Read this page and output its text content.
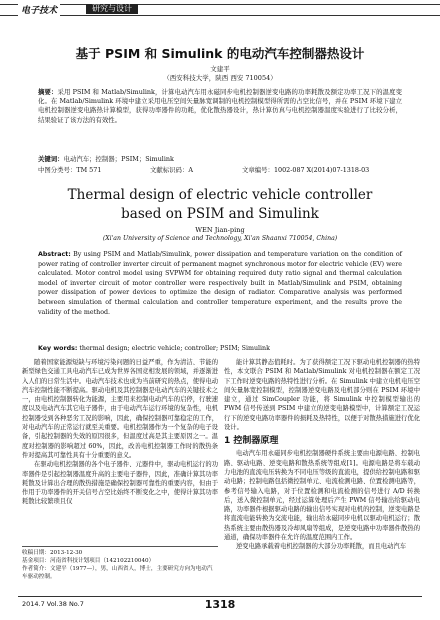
电子技术	研究与设计
基于 PSIM 和 Simulink 的电动汽车控制器热设计
文建平
（西安科技大学，陕西 西安 710054）
摘要：采用 PSIM 和 Matlab/Simulink，计算电动汽车用永磁同步电机控制器逆变电路的功率耗散及额定功率工况下的温度变化。在 Matlab/Simulink 环境中建立采用电压空间矢量脉宽调制的电机控制模型得所需的占空比信号，并在 PSIM 环境下建立电机控制器逆变电路热计算模型，获得功率器件的功耗，优化散热器设计，热计算仿真与电机控制器温度实验进行了比较分析，结果验证了该方法的有效性。
关键词：电动汽车；控制器；PSIM；Simulink
中图分类号：TM 571	文献标识码：A	文章编号：1002-087 X(2014)07-1318-03
Thermal design of electric vehicle controller
based on PSIM and Simulink
WEN Jian-ping
(Xi'an University of Science and Technology, Xi'an Shaanxi 710054, China)
Abstract: By using PSIM and Matlab/Simulink, power dissipation and temperature variation on the condition of power rating of controller inverter circuit of permanent magnet synchronous motor for electric vehicle (EV) were calculated. Motor control model using SVPWM for obtaining required duty ratio signal and thermal calculation model of inverter circuit of motor controller were respectively built in Matlab/Simulink and PSIM, obtaining power dissipation of power devices to optimize the design of radiator. Comparative analysis was performed between simulation of thermal calculation and controller temperature experiment, and the results prove the validity of the method.
Key words: thermal design; electric vehicle; controller; PSIM; Simulink

随着国家能源短缺与环境污染问题的日益严重，作为清洁、节能的新型绿色交通工具电动汽车已成为世界各国竞相发展的领域，并逐渐进入人们的日常生活中。电动汽车技术也成为当前研究的热点，使得电动汽车控制性能不断提高。驱动电机及其控制器是电动汽车的关键技术之一，由电机控制器转化为能源，主要用来控制电动汽车的启停，行驶速度以及电动汽车其它电子器件，由于电动汽车运行环境的复杂性，电机控制器受到各种恶劣工况的影响，因此，确保控制器可靠稳定的工作，对电动汽车的正常运行就至关重要。电机控制器作为一个复杂的电子设备，引起控制器的失效的原因很多，但温度过高是其主要原因之一。温度对控制器的影响超过 60%，因此，改善电机控制器工作时的散热条件对提高其可靠性具有十分重要的意义。

在驱动电机控制器的各个电子器件、元器件中，驱动电机运行的功率器件是引起控制器温度升高的主要电子器件，因此，准确计算其功率耗散及计算出合理的散热措施是确保控制器可靠性的重要内容，但由于作用于功率器件的开关信号占空比始终不断变化之中，使得计算其功率耗散比较繁琐且仅

能计算其静态值耗时。为了获得额定工况下驱动电机控制器的热特性，本文联合 PSIM 和 Matlab/Simulink 对电机控制器在额定工况下工作时逆变电路的热特性进行分析。在 Simulink 中建立电机电压空间矢量脉宽控制模型，控制器逆变电路及电机部分则在 PSIM 环境中建立，通过 SimCoupler 功能，将 Simulink 中控制模型输出的 PWM 信号传送到 PSIM 中建立的逆变电路模型中，计算额定工况运行下的逆变电路功率器件的损耗及热特性，以便于对散热措施进行优化设计。

1 控制器原理

电动汽车用永磁同步电机控制器硬件系统主要由电源电路、控制电路、驱动电路、逆变电路和散热系统等组成[1]。电源电路是将车载动力电池的直流电压转换为不同电压等级的直流电，提供给控制电路和驱动电路；控制电路包括微控制单元、电流检测电路、位置检测电路等，参考信号输入电路，对于位置检测和电流检测的信号进行 A/D 转换后，送入微控制单元，经过运算处理后产生 PWM 信号输出给驱动电路，功率器件根据驱动电路的输出信号实现对电机的控制，逆变电路是将直流电能转换为交流电能，输出给永磁同步电机以驱动电机运行；散热系统主要由散热器及冷却风扇等组成，是逆变电路中功率器件散热的通道，确保功率器件在允许的温度范围内工作。

逆变电路承载着电机控制器的大部分功率耗散，而且电动汽车

收稿日期：2013-12-30
基金项目：河南省科技计划项目（142102210040）
作者简介：文建平（1977—），男，山西省人，博士，主要研究方向为电动汽车驱动控制。
2014.7 Vol.38 No.7	1318
